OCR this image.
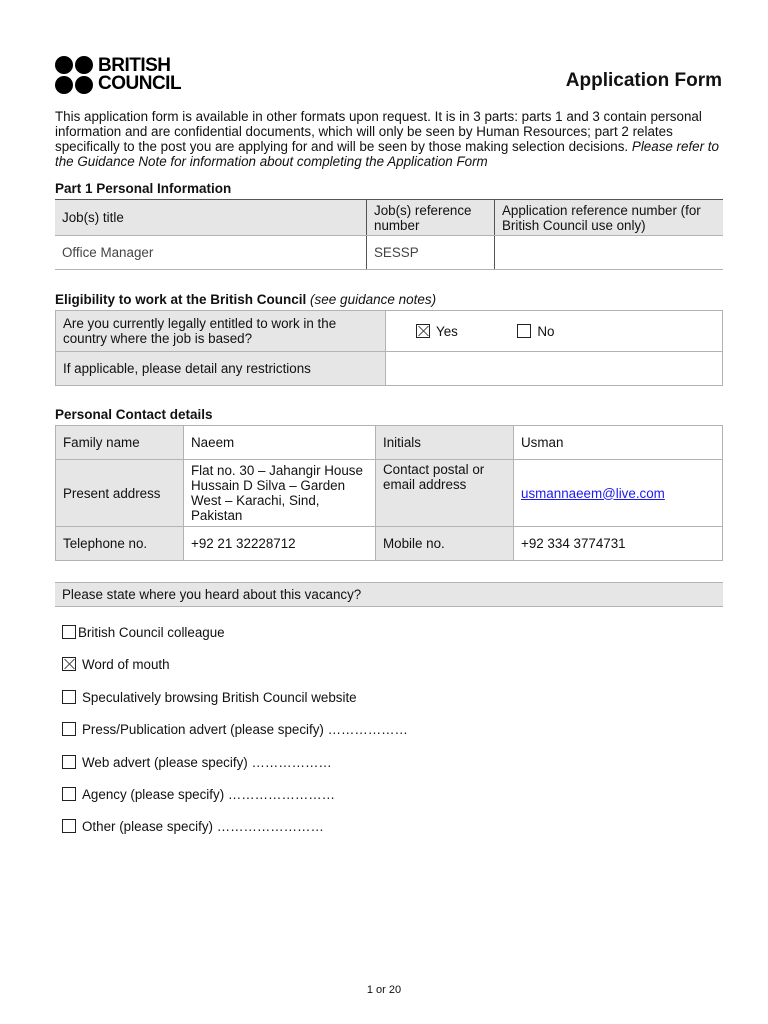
BRITISH
COUNCIL	Application Form
This application form is available in other formats upon request. It is in 3 parts: parts 1 and 3 contain personal information and are confidential documents, which will only be seen by Human Resources; part 2 relates specifically to the post you are applying for and will be seen by those making selection decisions. Please refer to the Guidance Note for information about completing the Application Form
Part 1 Personal Information
Job(s) title	Job(s) reference number	Application reference number (for British Council use only)
Office Manager	SESSP	
Eligibility to work at the British Council (see guidance notes)
Are you currently legally entitled to work in the country where the job is based?	Yes No
If applicable, please detail any restrictions	
Personal Contact details
Family name	Naeem	Initials	Usman
Present address	Flat no. 30 – Jahangir House Hussain D Silva – Garden West – Karachi, Sind, Pakistan	Contact postal or email address	usmannaeem@live.com
Telephone no.	+92 21 32228712	Mobile no.	+92 334 3774731
Please state where you heard about this vacancy?
British Council colleague
Word of mouth
Speculatively browsing British Council website
Press/Publication advert (please specify) ………………
Web advert (please specify) ………………
Agency (please specify) ……………………
Other (please specify) ……………………
1 or 20
